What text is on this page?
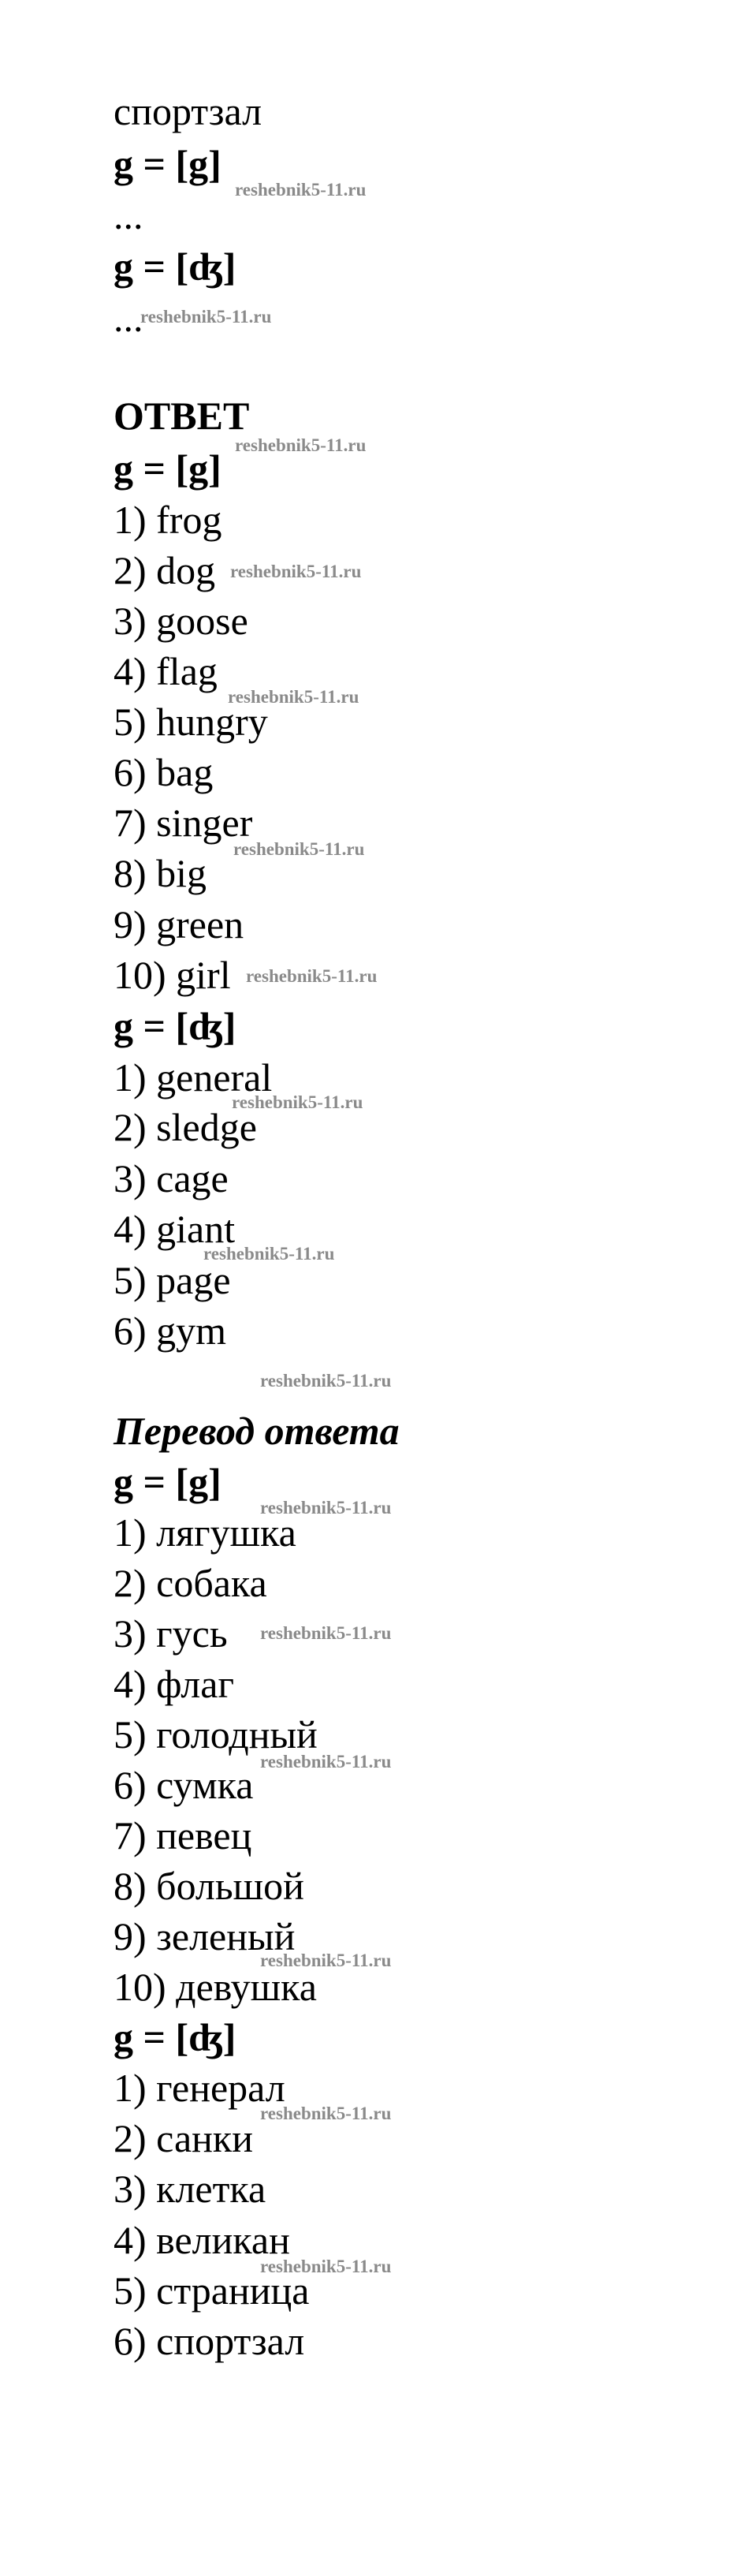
спортзал
g = [g]
reshebnik5-11.ru
...
g = [ʤ]
...
reshebnik5-11.ru
ОТВЕТ
reshebnik5-11.ru
g = [g]
1) frog
2) dog reshebnik5-11.ru
3) goose
4) flag
reshebnik5-11.ru
5) hungry
6) bag
7) singer
reshebnik5-11.ru
8) big
9) green
10) girl reshebnik5-11.ru
g = [ʤ]
1) general
reshebnik5-11.ru
2) sledge
3) cage
4) giant
reshebnik5-11.ru
5) page
6) gym
reshebnik5-11.ru
Перевод ответа
g = [g]
reshebnik5-11.ru
1) лягушка
2) собака
3) гусь reshebnik5-11.ru
4) флаг
5) голодный
reshebnik5-11.ru
6) сумка
7) певец
8) большой
9) зеленый
reshebnik5-11.ru
10) девушка
g = [ʤ]
1) генерал
reshebnik5-11.ru
2) санки
3) клетка
4) великан
reshebnik5-11.ru
5) страница
6) спортзал
